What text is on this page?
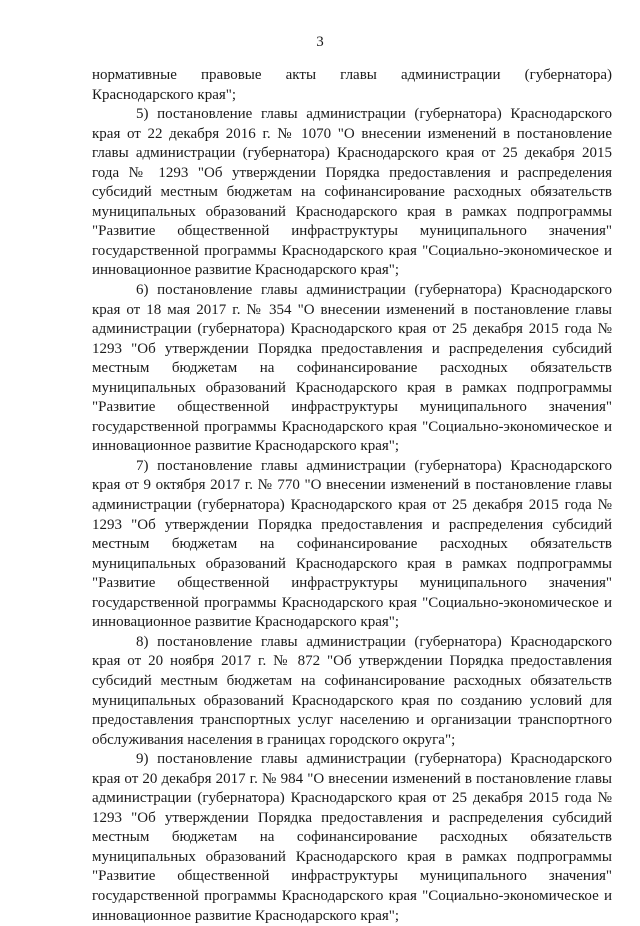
3

нормативные правовые акты главы администрации (губернатора) Краснодарского края";

5) постановление главы администрации (губернатора) Краснодарского края от 22 декабря 2016 г. № 1070 "О внесении изменений в постановление главы администрации (губернатора) Краснодарского края от 25 декабря 2015 года № 1293 "Об утверждении Порядка предоставления и распределения субсидий местным бюджетам на софинансирование расходных обязательств муниципальных образований Краснодарского края в рамках подпрограммы "Развитие общественной инфраструктуры муниципального значения" государственной программы Краснодарского края "Социально-экономическое и инновационное развитие Краснодарского края";

6) постановление главы администрации (губернатора) Краснодарского края от 18 мая 2017 г. № 354 "О внесении изменений в постановление главы администрации (губернатора) Краснодарского края от 25 декабря 2015 года № 1293 "Об утверждении Порядка предоставления и распределения субсидий местным бюджетам на софинансирование расходных обязательств муниципальных образований Краснодарского края в рамках подпрограммы "Развитие общественной инфраструктуры муниципального значения" государственной программы Краснодарского края "Социально-экономическое и инновационное развитие Краснодарского края";

7) постановление главы администрации (губернатора) Краснодарского края от 9 октября 2017 г. № 770 "О внесении изменений в постановление главы администрации (губернатора) Краснодарского края от 25 декабря 2015 года № 1293 "Об утверждении Порядка предоставления и распределения субсидий местным бюджетам на софинансирование расходных обязательств муниципальных образований Краснодарского края в рамках подпрограммы "Развитие общественной инфраструктуры муниципального значения" государственной программы Краснодарского края "Социально-экономическое и инновационное развитие Краснодарского края";

8) постановление главы администрации (губернатора) Краснодарского края от 20 ноября 2017 г. № 872 "Об утверждении Порядка предоставления субсидий местным бюджетам на софинансирование расходных обязательств муниципальных образований Краснодарского края по созданию условий для предоставления транспортных услуг населению и организации транспортного обслуживания населения в границах городского округа";

9) постановление главы администрации (губернатора) Краснодарского края от 20 декабря 2017 г. № 984 "О внесении изменений в постановление главы администрации (губернатора) Краснодарского края от 25 декабря 2015 года № 1293 "Об утверждении Порядка предоставления и распределения субсидий местным бюджетам на софинансирование расходных обязательств муниципальных образований Краснодарского края в рамках подпрограммы "Развитие общественной инфраструктуры муниципального значения" государственной программы Краснодарского края "Социально-экономическое и инновационное развитие Краснодарского края";
